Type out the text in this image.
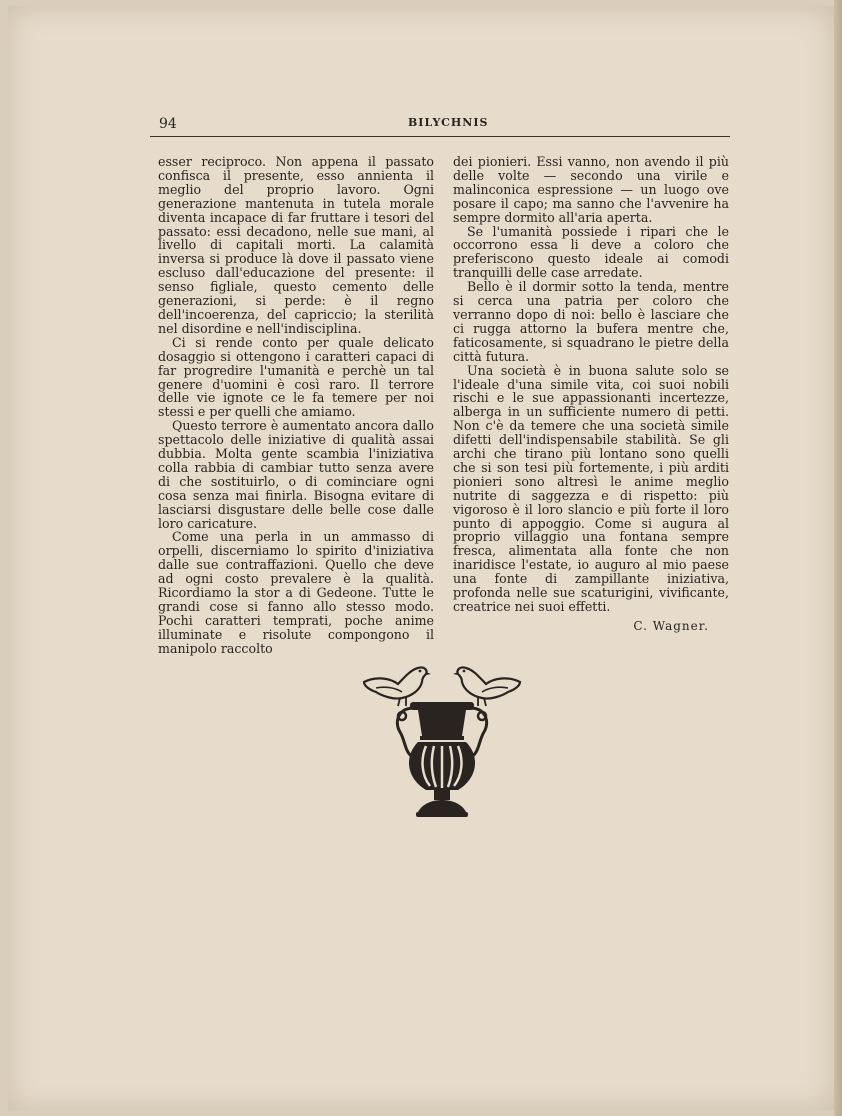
94	BILYCHNIS

esser reciproco. Non appena il passato confisca il presente, esso annienta il meglio del proprio lavoro. Ogni generazione mantenuta in tutela morale diventa incapace di far fruttare i tesori del passato: essi decadono, nelle sue mani, al livello di capitali morti. La calamità inversa si produce là dove il passato viene escluso dall'educazione del presente: il senso figliale, questo cemento delle generazioni, si perde: è il regno dell'incoerenza, del capriccio; la sterilità nel disordine e nell'indisciplina.

Ci si rende conto per quale delicato dosaggio si ottengono i caratteri capaci di far progredire l'umanità e perchè un tal genere d'uomini è così raro. Il terrore delle vie ignote ce le fa temere per noi stessi e per quelli che amiamo.

Questo terrore è aumentato ancora dallo spettacolo delle iniziative di qualità assai dubbia. Molta gente scambia l'iniziativa colla rabbia di cambiar tutto senza avere di che sostituirlo, o di cominciare ogni cosa senza mai finirla. Bisogna evitare di lasciarsi disgustare delle belle cose dalle loro caricature.

Come una perla in un ammasso di orpelli, discerniamo lo spirito d'iniziativa dalle sue contraffazioni. Quello che deve ad ogni costo prevalere è la qualità. Ricordiamo la stor a di Gedeone. Tutte le grandi cose si fanno allo stesso modo. Pochi caratteri temprati, poche anime illuminate e risolute compongono il manipolo raccolto

dei pionieri. Essi vanno, non avendo il più delle volte — secondo una virile e malinconica espressione — un luogo ove posare il capo; ma sanno che l'avvenire ha sempre dormito all'aria aperta.

Se l'umanità possiede i ripari che le occorrono essa li deve a coloro che preferiscono questo ideale ai comodi tranquilli delle case arredate.

Bello è il dormir sotto la tenda, mentre si cerca una patria per coloro che verranno dopo di noi: bello è lasciare che ci rugga attorno la bufera mentre che, faticosamente, si squadrano le pietre della città futura.

Una società è in buona salute solo se l'ideale d'una simile vita, coi suoi nobili rischi e le sue appassionanti incertezze, alberga in un sufficiente numero di petti. Non c'è da temere che una società simile difetti dell'indispensabile stabilità. Se gli archi che tirano più lontano sono quelli che si son tesi più fortemente, i più arditi pionieri sono altresì le anime meglio nutrite di saggezza e di rispetto: più vigoroso è il loro slancio e più forte il loro punto di appoggio. Come si augura al proprio villaggio una fontana sempre fresca, alimentata alla fonte che non inaridisce l'estate, io auguro al mio paese una fonte di zampillante iniziativa, profonda nelle sue scaturigini, vivificante, creatrice nei suoi effetti.

C. Wagner.
